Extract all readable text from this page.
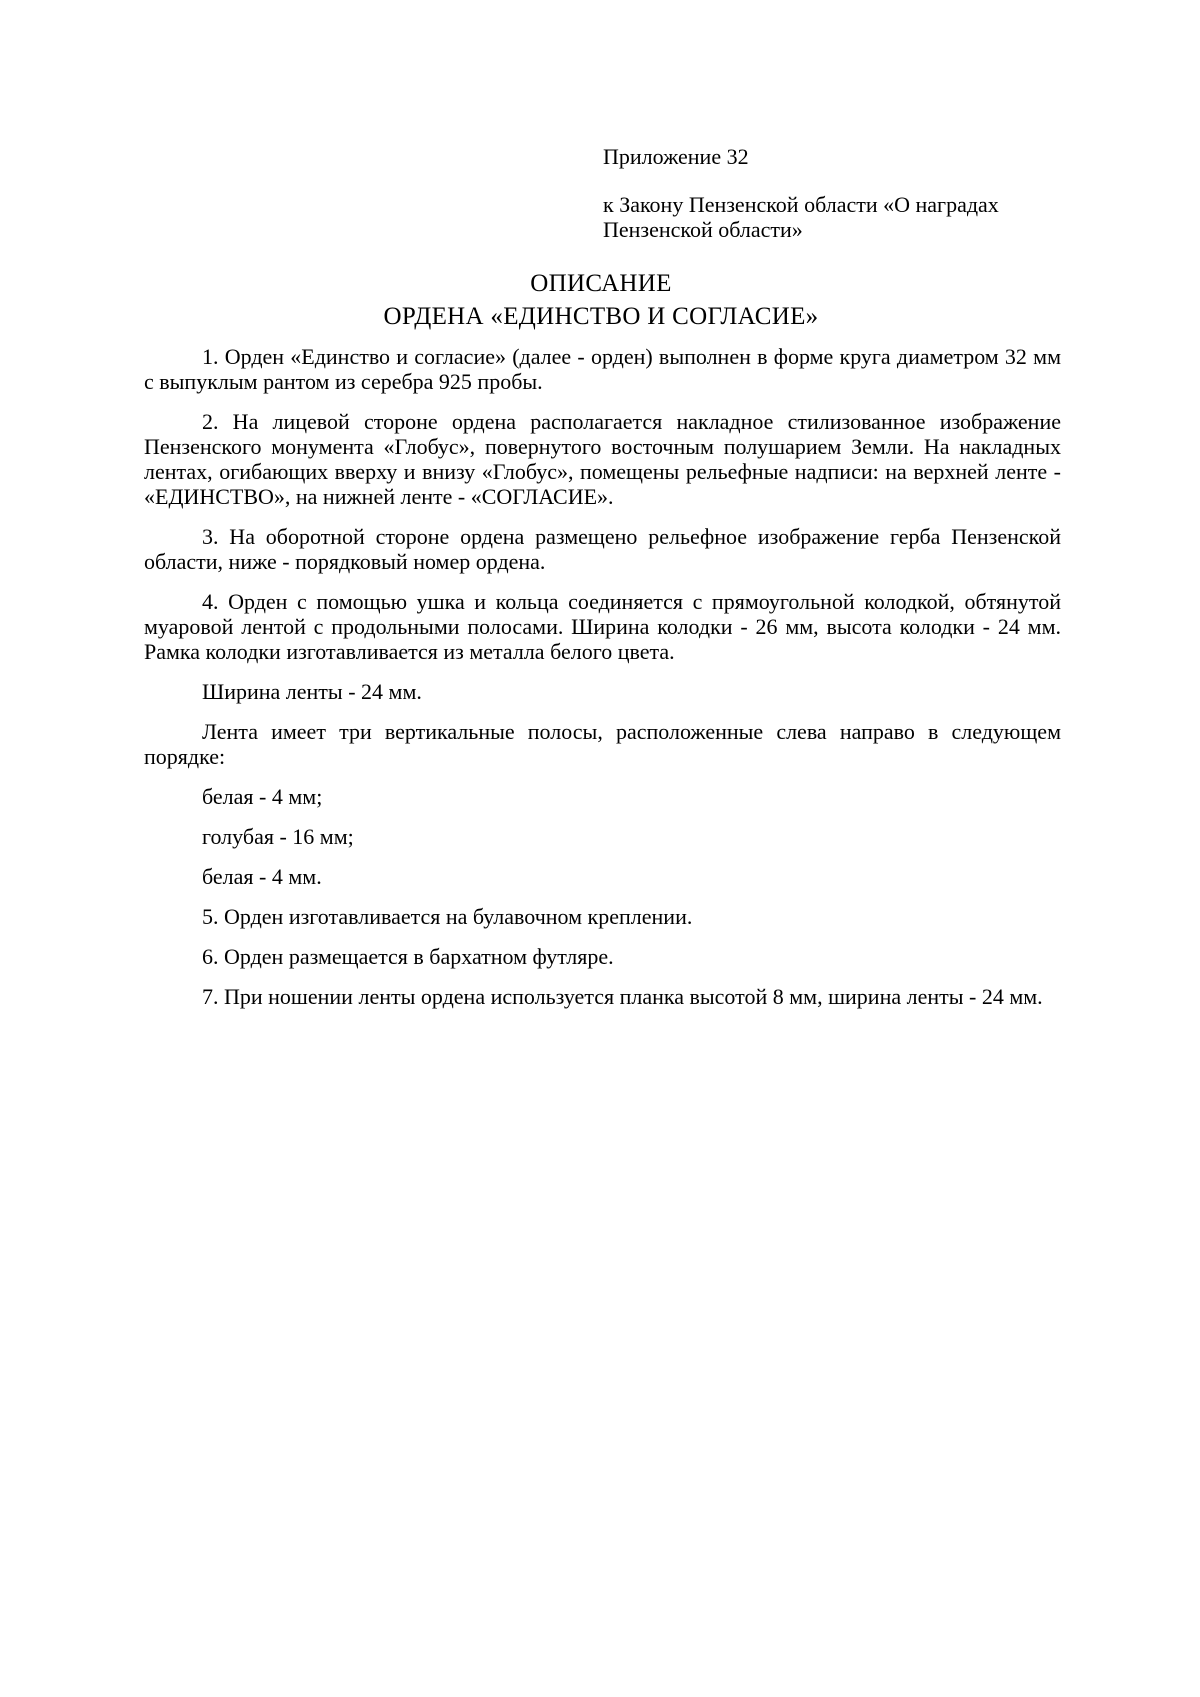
Приложение 32

к Закону Пензенской области «О наградах Пензенской области»

ОПИСАНИЕ
ОРДЕНА «ЕДИНСТВО И СОГЛАСИЕ»

1. Орден «Единство и согласие» (далее - орден) выполнен в форме круга диаметром 32 мм с выпуклым рантом из серебра 925 пробы.

2. На лицевой стороне ордена располагается накладное стилизованное изображение Пензенского монумента «Глобус», повернутого восточным полушарием Земли. На накладных лентах, огибающих вверху и внизу «Глобус», помещены рельефные надписи: на верхней ленте - «ЕДИНСТВО», на нижней ленте - «СОГЛАСИЕ».

3. На оборотной стороне ордена размещено рельефное изображение герба Пензенской области, ниже - порядковый номер ордена.

4. Орден с помощью ушка и кольца соединяется с прямоугольной колодкой, обтянутой муаровой лентой с продольными полосами. Ширина колодки - 26 мм, высота колодки - 24 мм. Рамка колодки изготавливается из металла белого цвета.

Ширина ленты - 24 мм.

Лента имеет три вертикальные полосы, расположенные слева направо в следующем порядке:

белая - 4 мм;

голубая - 16 мм;

белая - 4 мм.

5. Орден изготавливается на булавочном креплении.

6. Орден размещается в бархатном футляре.

7. При ношении ленты ордена используется планка высотой 8 мм, ширина ленты - 24 мм.
